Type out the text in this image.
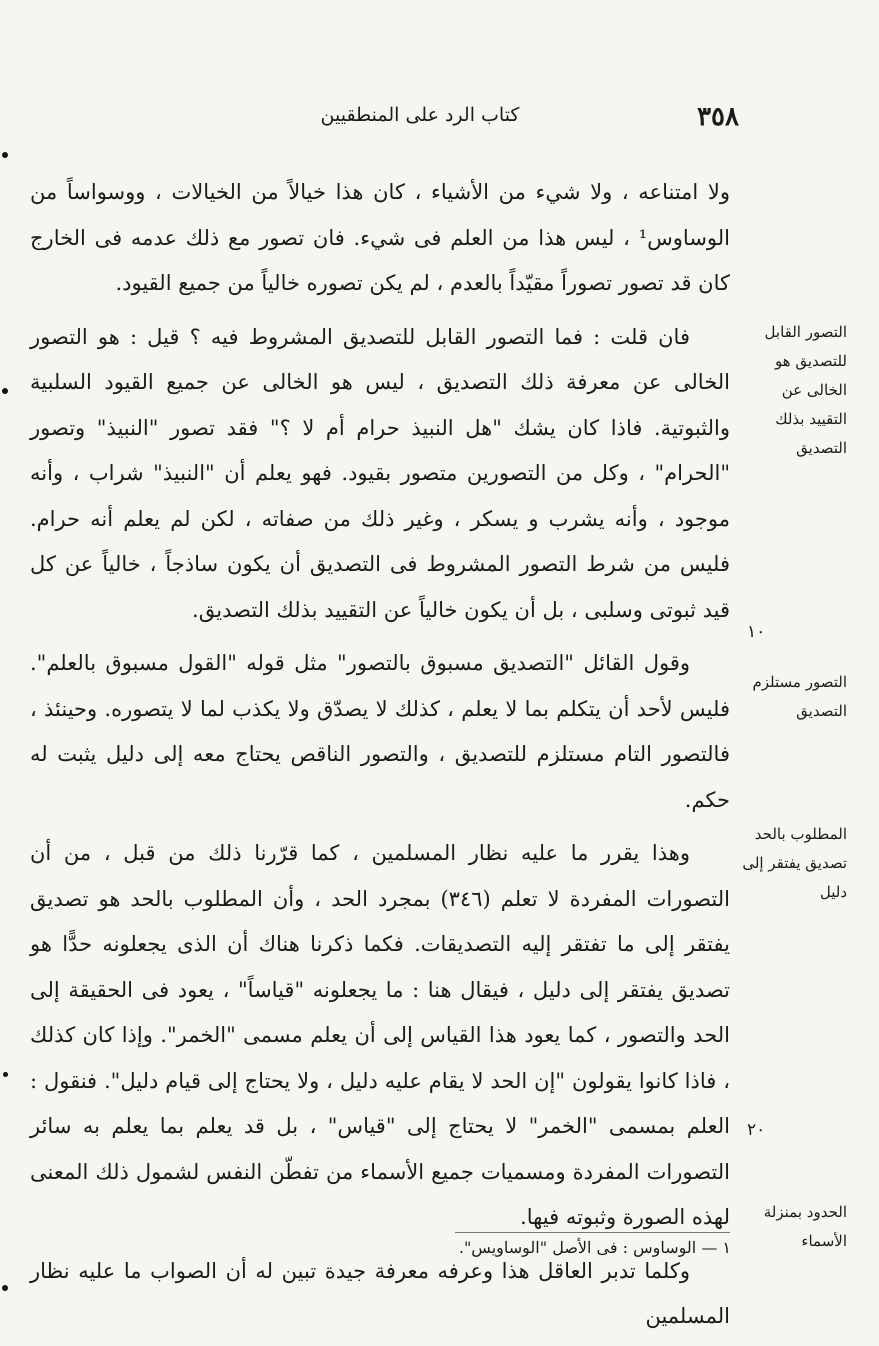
٣٥٨
كتاب الرد على المنطقيين

ولا امتناعه ، ولا شيء من الأشياء ، كان هذا خيالاً من الخيالات ، ووسواساً من الوساوس¹ ، ليس هذا من العلم فى شيء. فان تصور مع ذلك عدمه فى الخارج كان قد تصور تصوراً مقيّداً بالعدم ، لم يكن تصوره خالياً من جميع القيود.

فان قلت : فما التصور القابل للتصديق المشروط فيه ؟ قيل : هو التصور الخالى عن معرفة ذلك التصديق ، ليس هو الخالى عن جميع القيود السلبية والثبوتية. فاذا كان يشك "هل النبيذ حرام أم لا ؟" فقد تصور "النبيذ" وتصور "الحرام" ، وكل من التصورين متصور بقيود. فهو يعلم أن "النبيذ" شراب ، وأنه موجود ، وأنه يشرب و يسكر ، وغير ذلك من صفاته ، لكن لم يعلم أنه حرام. فليس من شرط التصور المشروط فى التصديق أن يكون ساذجاً ، خالياً عن كل قيد ثبوتى وسلبى ، بل أن يكون خالياً عن التقييد بذلك التصديق.

وقول القائل "التصديق مسبوق بالتصور" مثل قوله "القول مسبوق بالعلم". فليس لأحد أن يتكلم بما لا يعلم ، كذلك لا يصدّق ولا يكذب لما لا يتصوره. وحينئذ ، فالتصور التام مستلزم للتصديق ، والتصور الناقص يحتاج معه إلى دليل يثبت له حكم.

وهذا يقرر ما عليه نظار المسلمين ، كما قرّرنا ذلك من قبل ، من أن التصورات المفردة لا تعلم (٣٤٦) بمجرد الحد ، وأن المطلوب بالحد هو تصديق يفتقر إلى ما تفتقر إليه التصديقات. فكما ذكرنا هناك أن الذى يجعلونه حدًّا هو تصديق يفتقر إلى دليل ، فيقال هنا : ما يجعلونه "قياساً" ، يعود فى الحقيقة إلى الحد والتصور ، كما يعود هذا القياس إلى أن يعلم مسمى "الخمر". وإذا كان كذلك ، فاذا كانوا يقولون "إن الحد لا يقام عليه دليل ، ولا يحتاج إلى قيام دليل". فنقول : العلم بمسمى "الخمر" لا يحتاج إلى "قياس" ، بل قد يعلم بما يعلم به سائر التصورات المفردة ومسميات جميع الأسماء من تفطّن النفس لشمول ذلك المعنى لهذه الصورة وثبوته فيها.

وكلما تدبر العاقل هذا وعرفه معرفة جيدة تبين له أن الصواب ما عليه نظار المسلمين

التصور القابل للتصديق هو الخالى عن التقييد بذلك التصديق
التصور مستلزم التصديق
المطلوب بالحد تصديق يفتقر إلى دليل
الحدود بمنزلة الأسماء
١٠
٢٠
١ — الوساوس : فى الأصل "الوساويس".
